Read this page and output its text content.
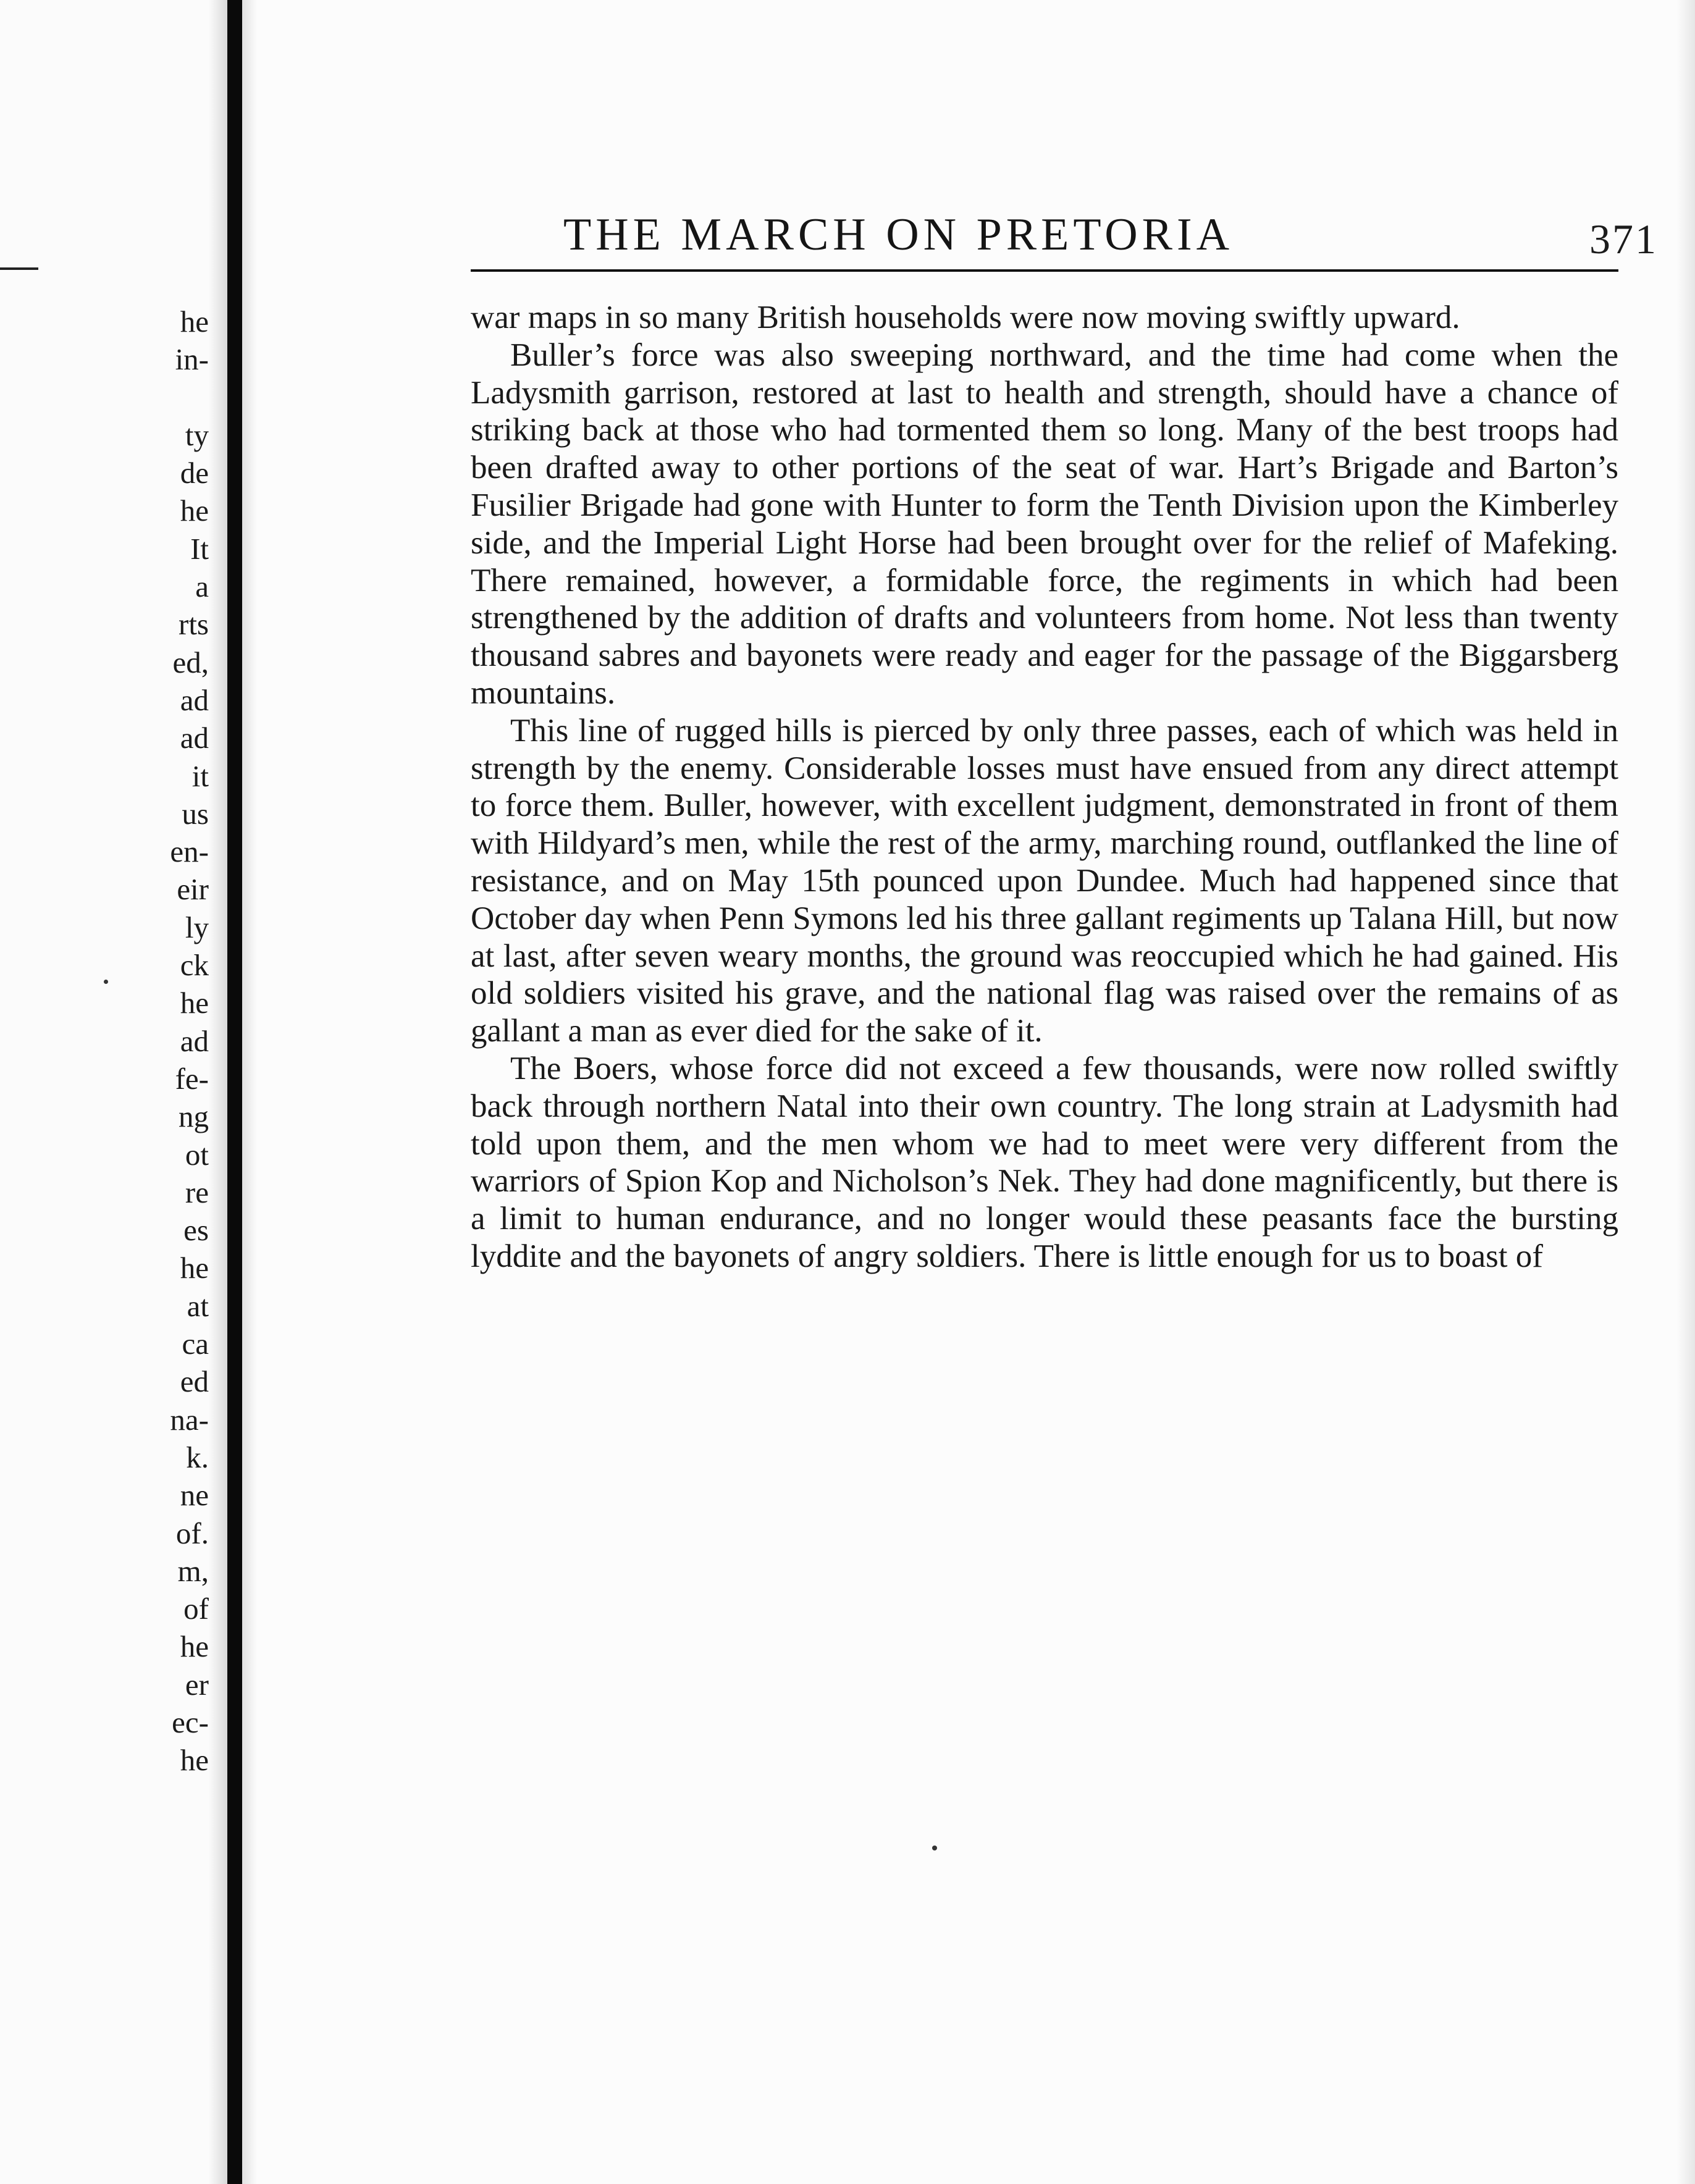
he
in-
ty
de
he
It
a
rts
ed,
ad
ad
it
us
en-
eir
ly
ck
he
ad
fe-
ng
ot
re
es
he
at
ca
ed
na-
k.
ne
of.
m,
of
he
er
ec-
he
THE MARCH ON PRETORIA	371

war maps in so many British households were now moving swiftly upward.

Buller’s force was also sweeping northward, and the time had come when the Ladysmith garrison, restored at last to health and strength, should have a chance of striking back at those who had tormented them so long. Many of the best troops had been drafted away to other portions of the seat of war. Hart’s Brigade and Barton’s Fusilier Brigade had gone with Hunter to form the Tenth Division upon the Kimberley side, and the Imperial Light Horse had been brought over for the relief of Mafeking. There remained, however, a formidable force, the regiments in which had been strengthened by the addition of drafts and volunteers from home. Not less than twenty thousand sabres and bayonets were ready and eager for the passage of the Biggarsberg mountains.

This line of rugged hills is pierced by only three passes, each of which was held in strength by the enemy. Considerable losses must have ensued from any direct attempt to force them. Buller, however, with excellent judgment, demonstrated in front of them with Hildyard’s men, while the rest of the army, marching round, outflanked the line of resistance, and on May 15th pounced upon Dundee. Much had happened since that October day when Penn Symons led his three gallant regiments up Talana Hill, but now at last, after seven weary months, the ground was reoccupied which he had gained. His old soldiers visited his grave, and the national flag was raised over the remains of as gallant a man as ever died for the sake of it.

The Boers, whose force did not exceed a few thousands, were now rolled swiftly back through northern Natal into their own country. The long strain at Ladysmith had told upon them, and the men whom we had to meet were very different from the warriors of Spion Kop and Nicholson’s Nek. They had done magnificently, but there is a limit to human endurance, and no longer would these peasants face the bursting lyddite and the bayonets of angry soldiers. There is little enough for us to boast of
